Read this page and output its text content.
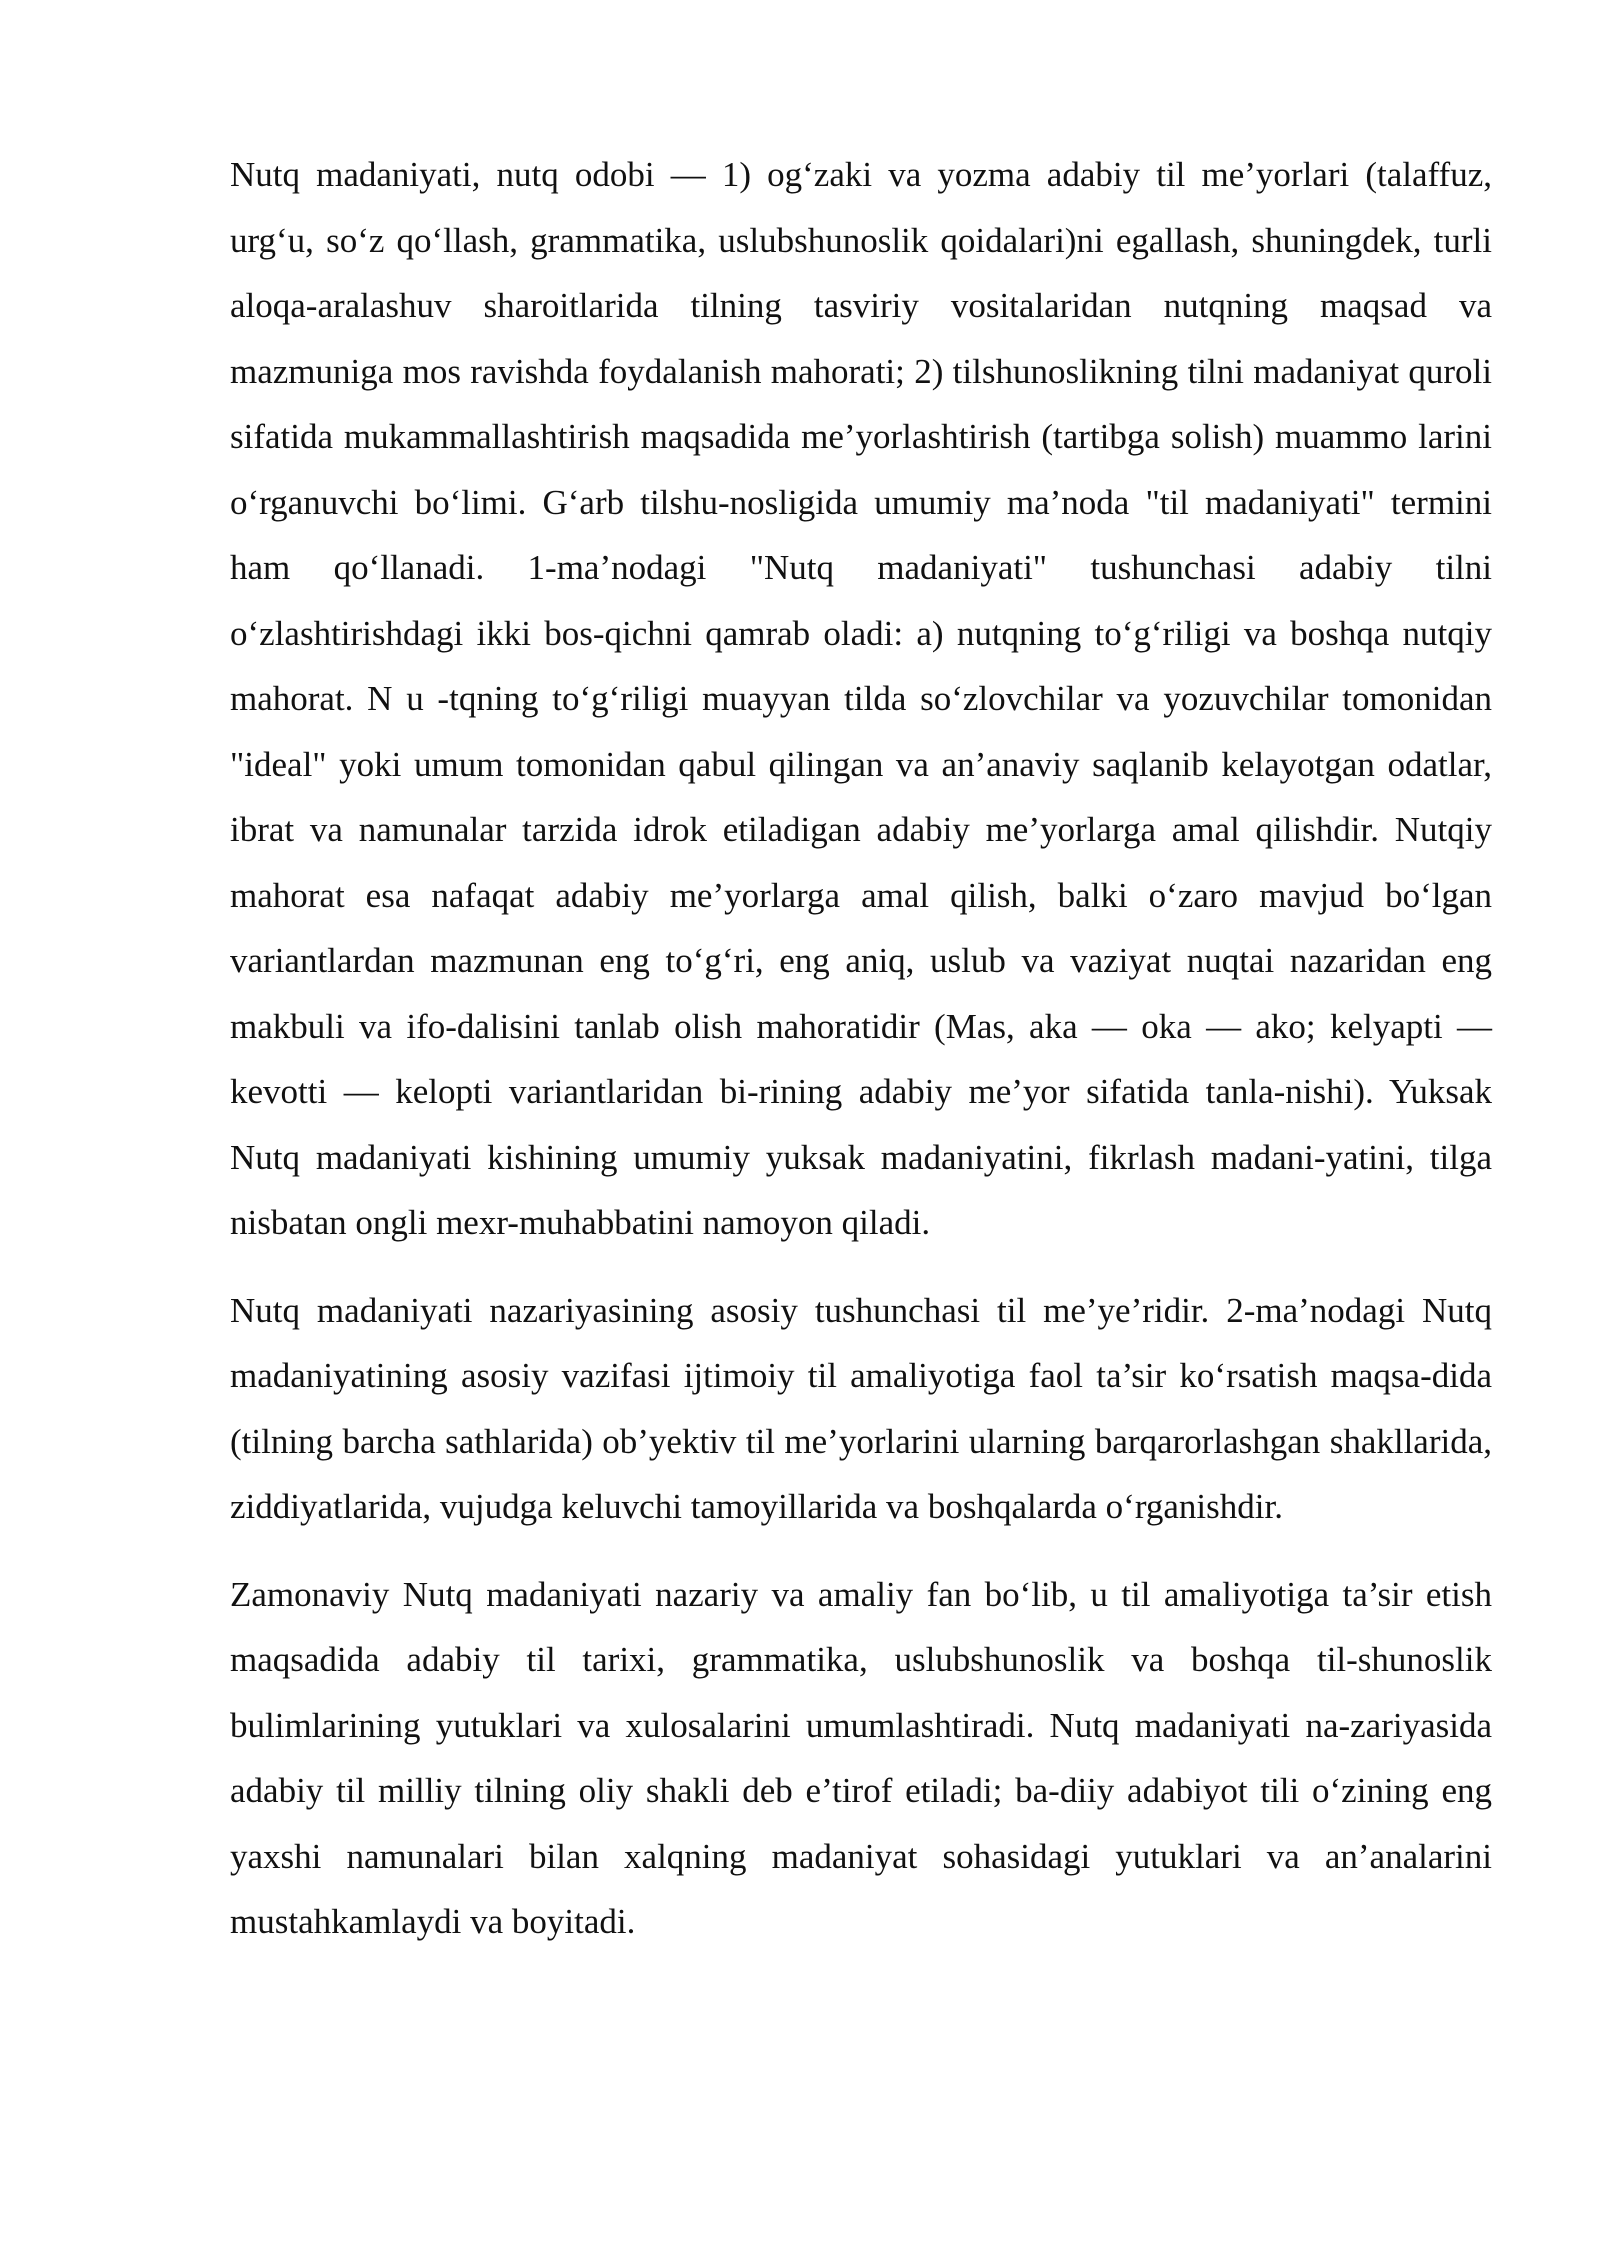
Nutq madaniyati, nutq odobi — 1) og‘zaki va yozma adabiy til me’yorlari (talaffuz, urg‘u, so‘z qo‘llash, grammatika, uslubshunoslik qoidalari)ni egallash, shuningdek, turli aloqa-aralashuv sharoitlarida tilning tasviriy vositalaridan nutqning maqsad va mazmuniga mos ravishda foydalanish mahorati; 2) tilshunoslikning tilni madaniyat quroli sifatida mukammallashtirish maqsadida me’yorlashtirish (tartibga solish) muammo larini o‘rganuvchi bo‘limi. G‘arb tilshu-nosligida umumiy ma’noda "til madaniyati" termini ham qo‘llanadi. 1-ma’nodagi "Nutq madaniyati" tushunchasi adabiy tilni o‘zlashtirishdagi ikki bos-qichni qamrab oladi: a) nutqning to‘g‘riligi va boshqa nutqiy mahorat. N u -tqning to‘g‘riligi muayyan tilda so‘zlovchilar va yozuvchilar tomonidan "ideal" yoki umum tomonidan qabul qilingan va an’anaviy saqlanib kelayotgan odatlar, ibrat va namunalar tarzida idrok etiladigan adabiy me’yorlarga amal qilishdir. Nutqiy mahorat esa nafaqat adabiy me’yorlarga amal qilish, balki o‘zaro mavjud bo‘lgan variantlardan mazmunan eng to‘g‘ri, eng aniq, uslub va vaziyat nuqtai nazaridan eng makbuli va ifo-dalisini tanlab olish mahoratidir (Mas, aka — oka — ako; kelyapti — kevotti — kelopti variantlaridan bi-rining adabiy me’yor sifatida tanla-nishi). Yuksak Nutq madaniyati kishining umumiy yuksak madaniyatini, fikrlash madani-yatini, tilga nisbatan ongli mexr-muhabbatini namoyon qiladi.

Nutq madaniyati nazariyasining asosiy tushunchasi til me’ye’ridir. 2-ma’nodagi Nutq madaniyatining asosiy vazifasi ijtimoiy til amaliyotiga faol ta’sir ko‘rsatish maqsa-dida (tilning barcha sathlarida) ob’yektiv til me’yorlarini ularning barqarorlashgan shakllarida, ziddiyatlarida, vujudga keluvchi tamoyillarida va boshqalarda o‘rganishdir.

Zamonaviy Nutq madaniyati nazariy va amaliy fan bo‘lib, u til amaliyotiga ta’sir etish maqsadida adabiy til tarixi, grammatika, uslubshunoslik va boshqa til-shunoslik bulimlarining yutuklari va xulosalarini umumlashtiradi. Nutq madaniyati na-zariyasida adabiy til milliy tilning oliy shakli deb e’tirof etiladi; ba-diiy adabiyot tili o‘zining eng yaxshi namunalari bilan xalqning madaniyat sohasidagi yutuklari va an’analarini mustahkamlaydi va boyitadi.
